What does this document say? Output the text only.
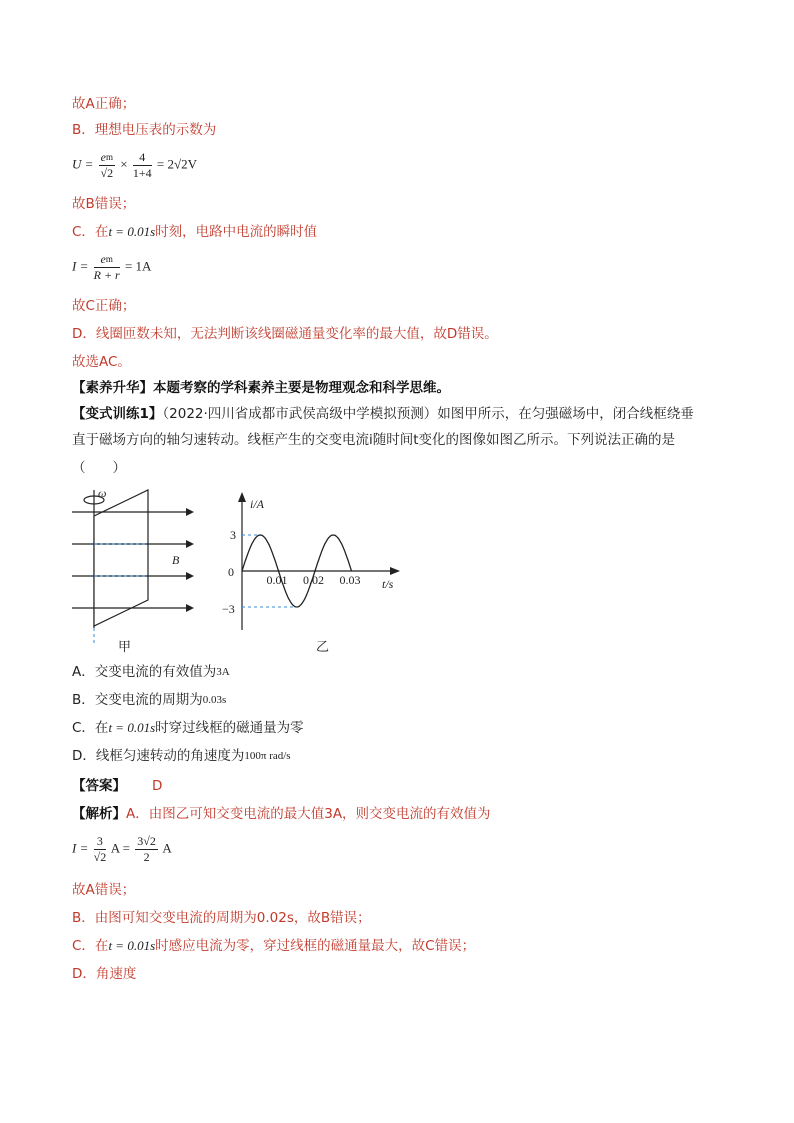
故A正确；
B．理想电压表的示数为
$U = \frac{em}{√2} \times \frac{4}{1+4} = 2√2V$
故B错误；
C．在t = 0.01s时刻，电路中电流的瞬时值
$I = \frac{em}{R + r} = 1A$
故C正确；
D．线圈匝数未知，无法判断该线圈磁通量变化率的最大值，故D错误。
故选AC。
【素养升华】本题考察的学科素养主要是物理观念和科学思维。
【变式训练1】（2022·四川省成都市武侯高级中学模拟预测）如图甲所示，在匀强磁场中，闭合线框绕垂
直于磁场方向的轴匀速转动。线框产生的交变电流i随时间t变化的图像如图乙所示。下列说法正确的是
（　　）
ω
B
甲
i/A
t/s
0
3
−3
0.01 0.02 0.03
乙
A．交变电流的有效值为$^{3A}$
B．交变电流的周期为$^{0.03s}$
C．在t = 0.01s时穿过线框的磁通量为零
D．线框匀速转动的角速度为$^{100\pi rad/s}$
【答案】 D
【解析】A．由图乙可知交变电流的最大值3A，则交变电流的有效值为
$I = \frac{3}{√2}$ $A = \frac{3√2}{2}$ A
故A错误；
B．由图可知交变电流的周期为0.02s，故B错误；
C．在t = 0.01s时感应电流为零，穿过线框的磁通量最大，故C错误；
D．角速度
